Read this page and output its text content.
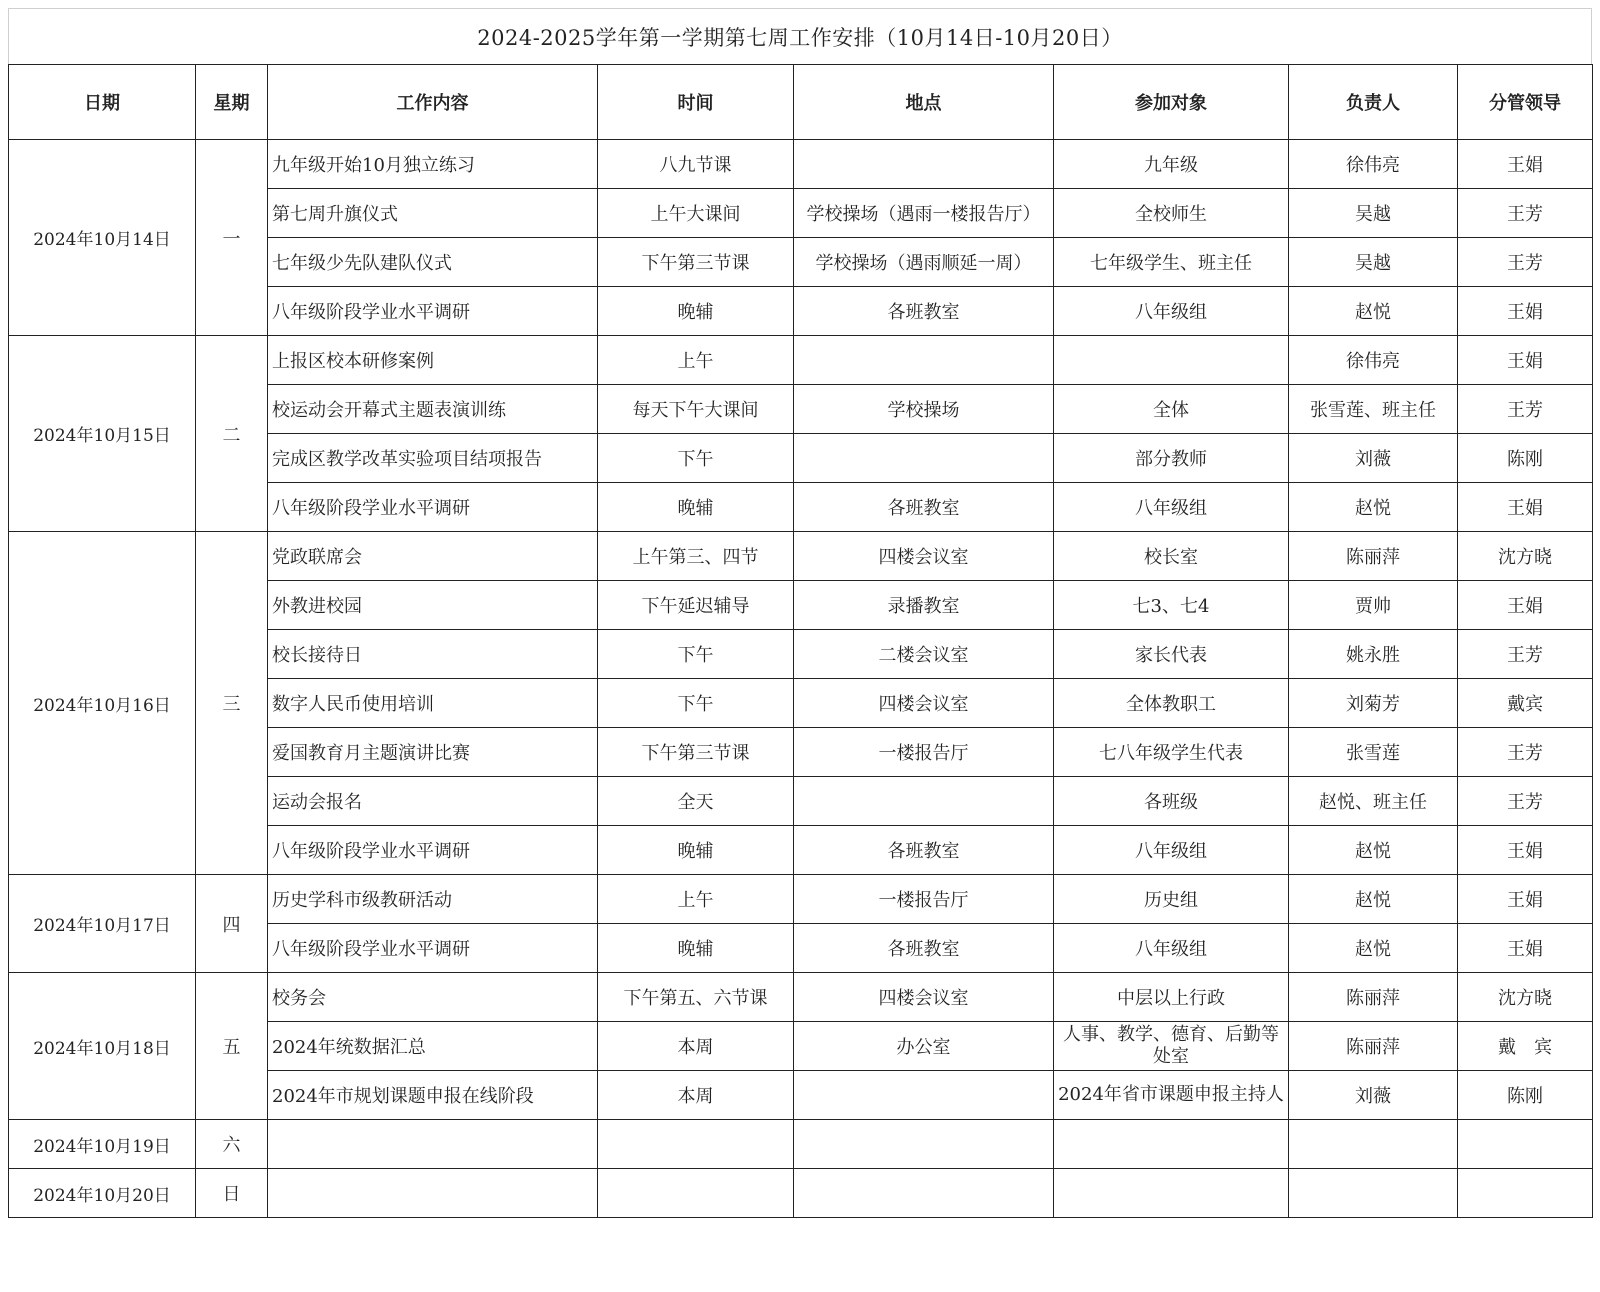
2024-2025学年第一学期第七周工作安排（10月14日-10月20日）
日期	星期	工作内容	时间	地点	参加对象	负责人	分管领导
2024年10月14日	一	九年级开始10月独立练习	八九节课		九年级	徐伟亮	王娟
		第七周升旗仪式	上午大课间	学校操场（遇雨一楼报告厅）	全校师生	吴越	王芳
		七年级少先队建队仪式	下午第三节课	学校操场（遇雨顺延一周）	七年级学生、班主任	吴越	王芳
		八年级阶段学业水平调研	晚辅	各班教室	八年级组	赵悦	王娟
2024年10月15日	二	上报区校本研修案例	上午			徐伟亮	王娟
		校运动会开幕式主题表演训练	每天下午大课间	学校操场	全体	张雪莲、班主任	王芳
		完成区教学改革实验项目结项报告	下午		部分教师	刘薇	陈刚
		八年级阶段学业水平调研	晚辅	各班教室	八年级组	赵悦	王娟
2024年10月16日	三	党政联席会	上午第三、四节	四楼会议室	校长室	陈丽萍	沈方晓
		外教进校园	下午延迟辅导	录播教室	七3、七4	贾帅	王娟
		校长接待日	下午	二楼会议室	家长代表	姚永胜	王芳
		数字人民币使用培训	下午	四楼会议室	全体教职工	刘菊芳	戴宾
		爱国教育月主题演讲比赛	下午第三节课	一楼报告厅	七八年级学生代表	张雪莲	王芳
		运动会报名	全天		各班级	赵悦、班主任	王芳
		八年级阶段学业水平调研	晚辅	各班教室	八年级组	赵悦	王娟
2024年10月17日	四	历史学科市级教研活动	上午	一楼报告厅	历史组	赵悦	王娟
		八年级阶段学业水平调研	晚辅	各班教室	八年级组	赵悦	王娟
2024年10月18日	五	校务会	下午第五、六节课	四楼会议室	中层以上行政	陈丽萍	沈方晓
		2024年统数据汇总	本周	办公室	人事、教学、德育、后勤等处室	陈丽萍	戴　宾
		2024年市规划课题申报在线阶段	本周		2024年省市课题申报主持人	刘薇	陈刚
2024年10月19日	六						
2024年10月20日	日						
